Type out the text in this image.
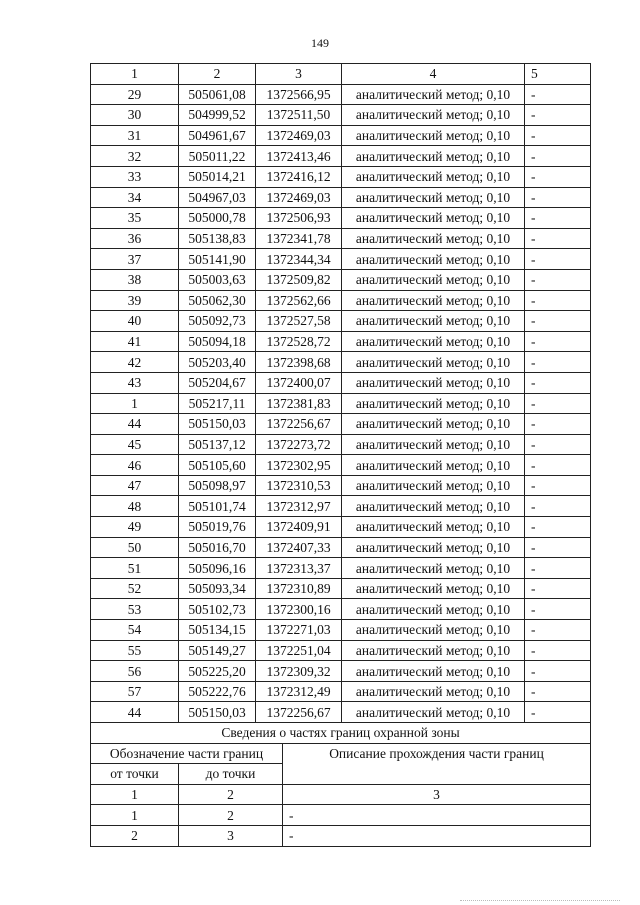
149
1	2	3	4	5
29	505061,08	1372566,95	аналитический метод; 0,10	-
30	504999,52	1372511,50	аналитический метод; 0,10	-
31	504961,67	1372469,03	аналитический метод; 0,10	-
32	505011,22	1372413,46	аналитический метод; 0,10	-
33	505014,21	1372416,12	аналитический метод; 0,10	-
34	504967,03	1372469,03	аналитический метод; 0,10	-
35	505000,78	1372506,93	аналитический метод; 0,10	-
36	505138,83	1372341,78	аналитический метод; 0,10	-
37	505141,90	1372344,34	аналитический метод; 0,10	-
38	505003,63	1372509,82	аналитический метод; 0,10	-
39	505062,30	1372562,66	аналитический метод; 0,10	-
40	505092,73	1372527,58	аналитический метод; 0,10	-
41	505094,18	1372528,72	аналитический метод; 0,10	-
42	505203,40	1372398,68	аналитический метод; 0,10	-
43	505204,67	1372400,07	аналитический метод; 0,10	-
1	505217,11	1372381,83	аналитический метод; 0,10	-
44	505150,03	1372256,67	аналитический метод; 0,10	-
45	505137,12	1372273,72	аналитический метод; 0,10	-
46	505105,60	1372302,95	аналитический метод; 0,10	-
47	505098,97	1372310,53	аналитический метод; 0,10	-
48	505101,74	1372312,97	аналитический метод; 0,10	-
49	505019,76	1372409,91	аналитический метод; 0,10	-
50	505016,70	1372407,33	аналитический метод; 0,10	-
51	505096,16	1372313,37	аналитический метод; 0,10	-
52	505093,34	1372310,89	аналитический метод; 0,10	-
53	505102,73	1372300,16	аналитический метод; 0,10	-
54	505134,15	1372271,03	аналитический метод; 0,10	-
55	505149,27	1372251,04	аналитический метод; 0,10	-
56	505225,20	1372309,32	аналитический метод; 0,10	-
57	505222,76	1372312,49	аналитический метод; 0,10	-
44	505150,03	1372256,67	аналитический метод; 0,10	-
Сведения о частях границ охранной зоны		
Обозначение части границ		Описание прохождения части границ
от точки	до точки	
1	2	3
1	2	-
2	3	-
